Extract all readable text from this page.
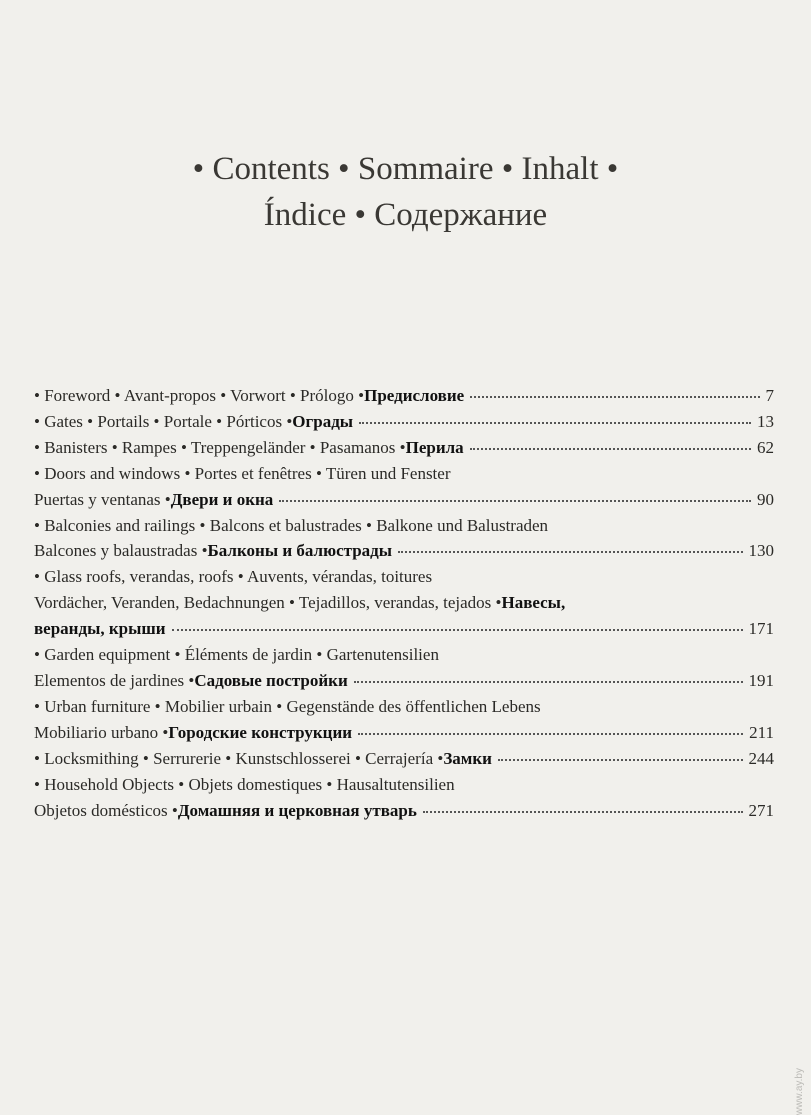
• Contents • Sommaire • Inhalt •
Índice • Содержание
• Foreword • Avant-propos • Vorwort • Prólogo • Предисловие	7
• Gates • Portails • Portale • Pórticos • Ограды	13
• Banisters • Rampes • Treppengeländer • Pasamanos • Перила	62
• Doors and windows • Portes et fenêtres • Türen und Fenster
Puertas y ventanas • Двери и окна	90
• Balconies and railings • Balcons et balustrades • Balkone und Balustraden
Balcones y balaustradas • Балконы и балюстрады	130
• Glass roofs, verandas, roofs • Auvents, vérandas, toitures
Vordächer, Veranden, Bedachnungen • Tejadillos, verandas, tejados • Навесы,
веранды, крыши	171
• Garden equipment • Éléments de jardin • Gartenutensilien
Elementos de jardines • Садовые постройки	191
• Urban furniture • Mobilier urbain • Gegenstände des öffentlichen Lebens
Mobiliario urbano • Городские конструкции	211
• Locksmithing • Serrurerie • Kunstschlosserei • Cerrajería • Замки	244
• Household Objects • Objets domestiques • Hausaltutensilien
Objetos domésticos • Домашняя и церковная утварь	271
www.ay.by
